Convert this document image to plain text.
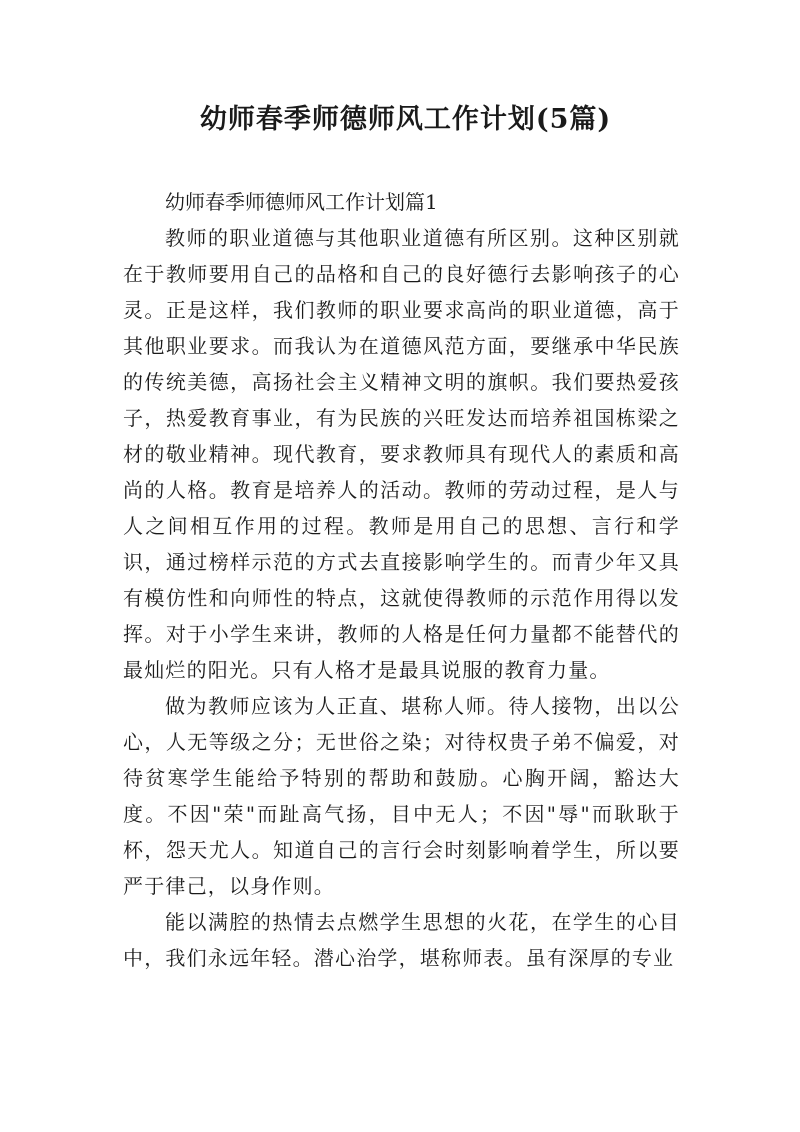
幼师春季师德师风工作计划(5篇)

幼师春季师德师风工作计划篇1

教师的职业道德与其他职业道德有所区别。这种区别就在于教师要用自己的品格和自己的良好德行去影响孩子的心灵。正是这样，我们教师的职业要求高尚的职业道德，高于其他职业要求。而我认为在道德风范方面，要继承中华民族的传统美德，高扬社会主义精神文明的旗帜。我们要热爱孩子，热爱教育事业，有为民族的兴旺发达而培养祖国栋梁之材的敬业精神。现代教育，要求教师具有现代人的素质和高尚的人格。教育是培养人的活动。教师的劳动过程，是人与人之间相互作用的过程。教师是用自己的思想、言行和学识，通过榜样示范的方式去直接影响学生的。而青少年又具有模仿性和向师性的特点，这就使得教师的示范作用得以发挥。对于小学生来讲，教师的人格是任何力量都不能替代的最灿烂的阳光。只有人格才是最具说服的教育力量。

做为教师应该为人正直、堪称人师。待人接物，出以公心，人无等级之分；无世俗之染；对待权贵子弟不偏爱，对待贫寒学生能给予特别的帮助和鼓励。心胸开阔，豁达大度。不因"荣"而趾高气扬，目中无人；不因"辱"而耿耿于杯，怨天尤人。知道自己的言行会时刻影响着学生，所以要严于律己，以身作则。

能以满腔的热情去点燃学生思想的火花，在学生的心目中，我们永远年轻。潜心治学，堪称师表。虽有深厚的专业
